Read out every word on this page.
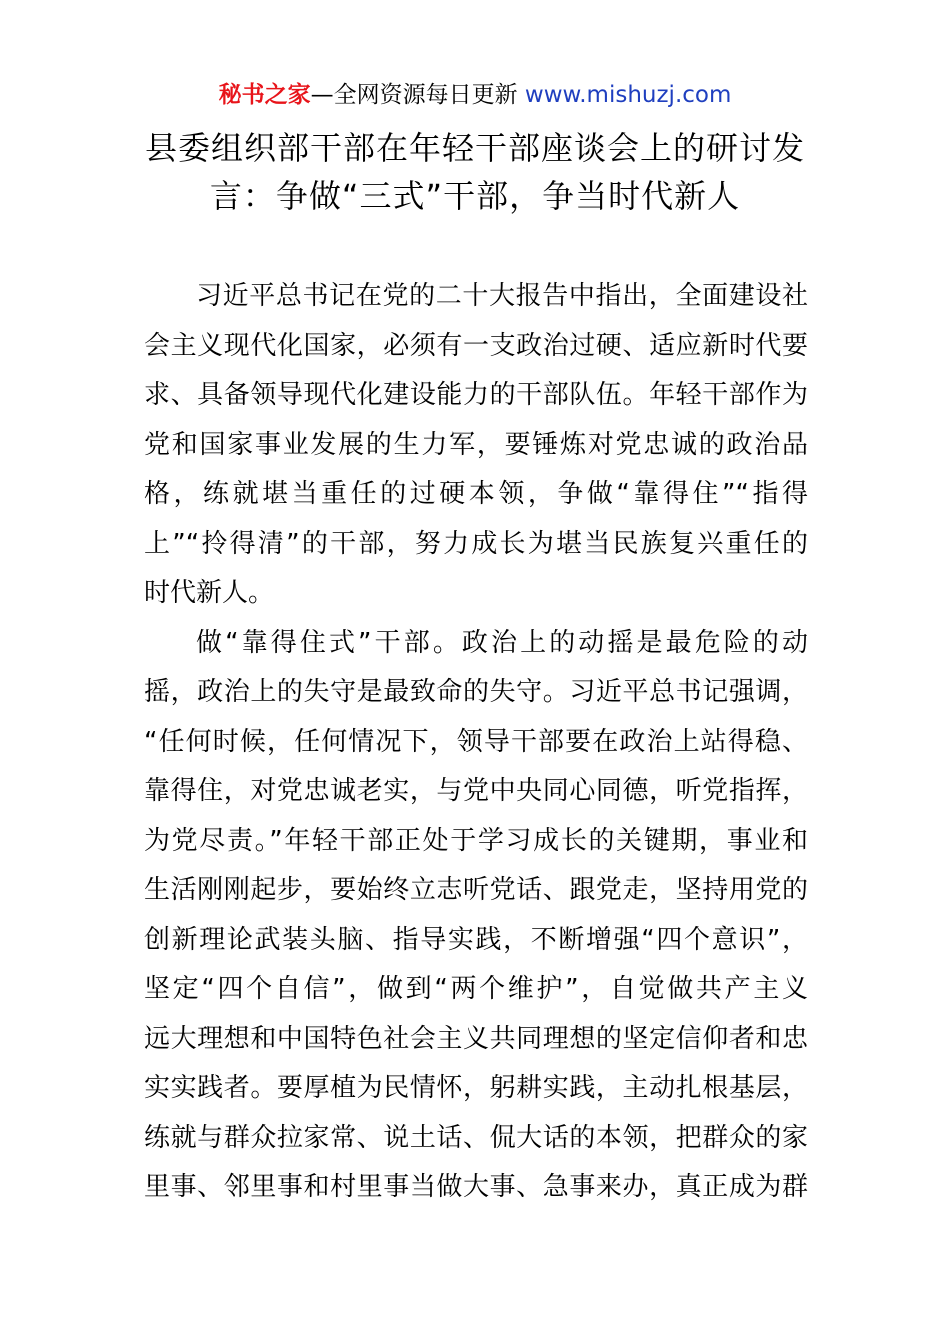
秘书之家—全网资源每日更新 www.mishuzj.com
县委组织部干部在年轻干部座谈会上的研讨发
言：争做“三式”干部，争当时代新人
习近平总书记在党的二十大报告中指出，全面建设社
会主义现代化国家，必须有一支政治过硬、适应新时代要
求、具备领导现代化建设能力的干部队伍。年轻干部作为
党和国家事业发展的生力军，要锤炼对党忠诚的政治品
格，练就堪当重任的过硬本领，争做“靠得住”“指得
上”“拎得清”的干部，努力成长为堪当民族复兴重任的
时代新人。
做“靠得住式”干部。政治上的动摇是最危险的动
摇，政治上的失守是最致命的失守。习近平总书记强调，
“任何时候，任何情况下，领导干部要在政治上站得稳、
靠得住，对党忠诚老实，与党中央同心同德，听党指挥，
为党尽责。”年轻干部正处于学习成长的关键期，事业和
生活刚刚起步，要始终立志听党话、跟党走，坚持用党的
创新理论武装头脑、指导实践，不断增强“四个意识”，
坚定“四个自信”，做到“两个维护”，自觉做共产主义
远大理想和中国特色社会主义共同理想的坚定信仰者和忠
实实践者。要厚植为民情怀，躬耕实践，主动扎根基层，
练就与群众拉家常、说土话、侃大话的本领，把群众的家
里事、邻里事和村里事当做大事、急事来办，真正成为群
